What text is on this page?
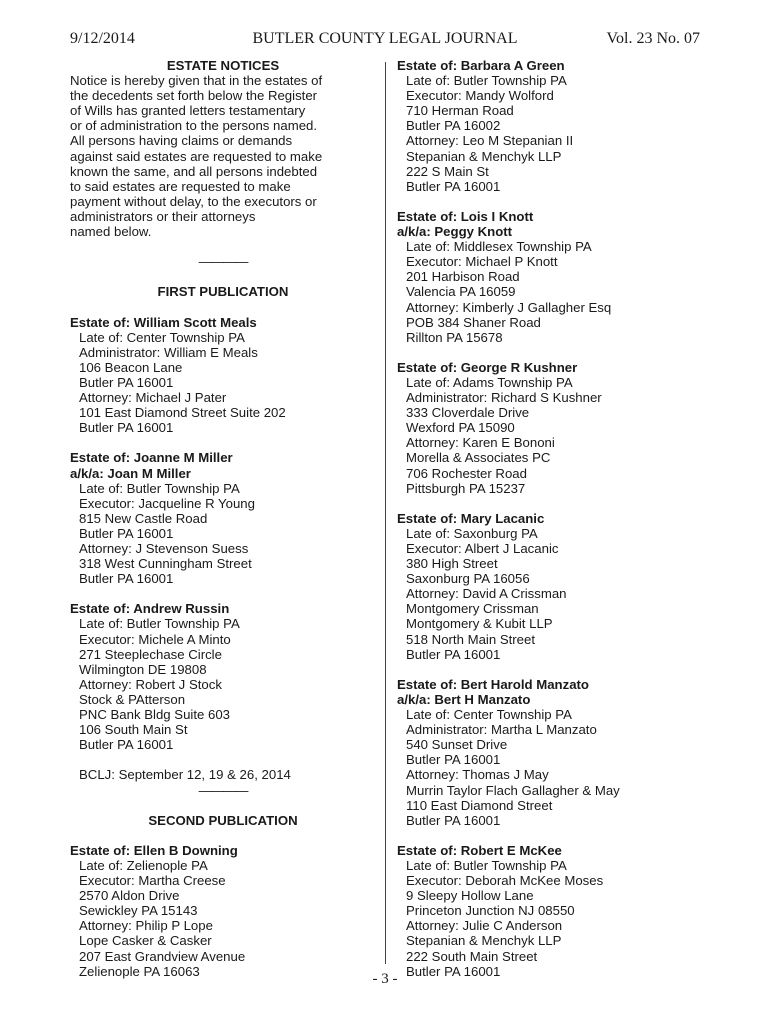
9/12/2014	BUTLER COUNTY LEGAL JOURNAL	Vol. 23 No. 07

ESTATE NOTICES

Notice is hereby given that in the estates of
the decedents set forth below the Register
of Wills has granted letters testamentary
or of administration to the persons named.
All persons having claims or demands
against said estates are requested to make
known the same, and all persons indebted
to said estates are requested to make
payment without delay, to the executors or
administrators or their attorneys
named below.

————

FIRST PUBLICATION

Estate of: William Scott Meals
Late of: Center Township PA
Administrator: William E Meals
106 Beacon Lane
Butler PA 16001
Attorney: Michael J Pater
101 East Diamond Street Suite 202
Butler PA 16001
Estate of: Joanne M Miller
a/k/a: Joan M Miller
Late of: Butler Township PA
Executor: Jacqueline R Young
815 New Castle Road
Butler PA 16001
Attorney: J Stevenson Suess
318 West Cunningham Street
Butler PA 16001
Estate of: Andrew Russin
Late of: Butler Township PA
Executor: Michele A Minto
271 Steeplechase Circle
Wilmington DE 19808
Attorney: Robert J Stock
Stock & PAtterson
PNC Bank Bldg Suite 603
106 South Main St
Butler PA 16001

BCLJ: September 12, 19 & 26, 2014

————

SECOND PUBLICATION

Estate of: Ellen B Downing
Late of: Zelienople PA
Executor: Martha Creese
2570 Aldon Drive
Sewickley PA 15143
Attorney: Philip P Lope
Lope Casker & Casker
207 East Grandview Avenue
Zelienople PA 16063
Estate of: Barbara A Green
Late of: Butler Township PA
Executor: Mandy Wolford
710 Herman Road
Butler PA 16002
Attorney: Leo M Stepanian II
Stepanian & Menchyk LLP
222 S Main St
Butler PA 16001
Estate of: Lois I Knott
a/k/a: Peggy Knott
Late of: Middlesex Township PA
Executor: Michael P Knott
201 Harbison Road
Valencia PA 16059
Attorney: Kimberly J Gallagher Esq
POB 384 Shaner Road
Rillton PA 15678
Estate of: George R Kushner
Late of: Adams Township PA
Administrator: Richard S Kushner
333 Cloverdale Drive
Wexford PA 15090
Attorney: Karen E Bononi
Morella & Associates PC
706 Rochester Road
Pittsburgh PA 15237
Estate of: Mary Lacanic
Late of: Saxonburg PA
Executor: Albert J Lacanic
380 High Street
Saxonburg PA 16056
Attorney: David A Crissman
Montgomery Crissman
Montgomery & Kubit LLP
518 North Main Street
Butler PA 16001
Estate of: Bert Harold Manzato
a/k/a: Bert H Manzato
Late of: Center Township PA
Administrator: Martha L Manzato
540 Sunset Drive
Butler PA 16001
Attorney: Thomas J May
Murrin Taylor Flach Gallagher & May
110 East Diamond Street
Butler PA 16001
Estate of: Robert E McKee
Late of: Butler Township PA
Executor: Deborah McKee Moses
9 Sleepy Hollow Lane
Princeton Junction NJ 08550
Attorney: Julie C Anderson
Stepanian & Menchyk LLP
222 South Main Street
Butler PA 16001
- 3 -
